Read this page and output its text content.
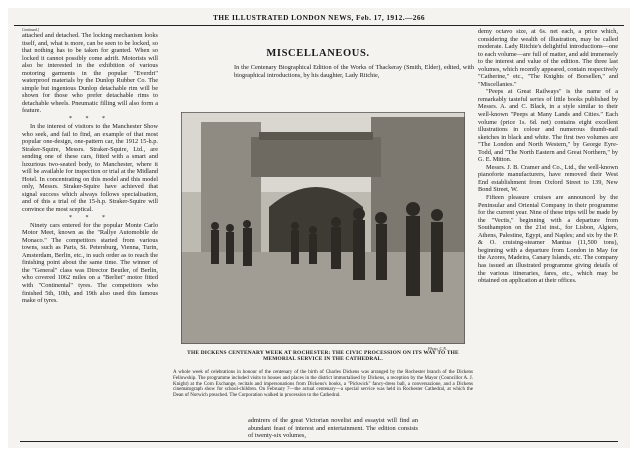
THE ILLUSTRATED LONDON NEWS, Feb. 17, 1912.—266
Continued.]

attached and detached. The locking mechanism looks itself, and, what is more, can be seen to be locked, so that nothing has to be taken for granted. When so locked it cannot possibly come adrift. Motorists will also be interested in the exhibition of various motoring garments in the popular "Everdri" waterproof materials by the Dunlop Rubber Co. The simple but ingenious Dunlop detachable rim will be shown for those who prefer detachable rims to detachable wheels. Pneumatic filling will also form a feature.

* * *

In the interest of visitors to the Manchester Show who seek, and fail to find, an example of that most popular one-design, one-pattern car, the 1912 15-h.p. Straker-Squire, Messrs. Straker-Squire, Ltd., are sending one of these cars, fitted with a smart and luxurious two-seated body, to Manchester, where it will be available for inspection or trial at the Midland Hotel. In concentrating on this model and this model only, Messrs. Straker-Squire have achieved that signal success which always follows specialisation, and of this a trial of the 15-h.p. Straker-Squire will convince the most sceptical.

* * *

Ninety cars entered for the popular Monte Carlo Motor Meet, known as the "Rallye Automobile de Monaco." The competitors started from various towns, such as Paris, St. Petersburg, Vienna, Turin, Amsterdam, Berlin, etc., in such order as to reach the finishing point about the same time. The winner of the "General" class was Director Beutler, of Berlin, who covered 1062 miles on a "Berliet" motor fitted with "Continental" tyres. The competitors who finished 5th, 10th, and 19th also used this famous make of tyres.

MISCELLANEOUS.
In the Centenary Biographical Edition of the Works of Thackeray (Smith, Elder), edited, with biographical introductions, by his daughter, Lady Ritchie,
Photo. C.N.
THE DICKENS CENTENARY WEEK AT ROCHESTER: THE CIVIC PROCESSION ON ITS WAY TO THE MEMORIAL SERVICE IN THE CATHEDRAL.
A whole week of celebrations in honour of the centenary of the birth of Charles Dickens was arranged by the Rochester branch of the Dickens Fellowship. The programme included visits to houses and places in the district immortalised by Dickens, a reception by the Mayor (Councillor A. J. Knight) at the Corn Exchange, recitals and impersonations from Dickens's books, a "Pickwick" fancy-dress ball, a conversazione, and a Dickens cinematograph show for school-children. On February 7—the actual centenary—a special service was held in Rochester Cathedral, at which the Dean of Norwich preached. The Corporation walked in procession to the Cathedral.
admirers of the great Victorian novelist and essayist will find an abundant feast of interest and entertainment. The edition consists of twenty-six volumes,

demy octavo size, at 6s. net each, a price which, considering the wealth of illustration, may be called moderate. Lady Ritchie's delightful introductions—one to each volume—are full of matter, and add immensely to the interest and value of the edition. The three last volumes, which recently appeared, contain respectively "Catherine," etc., "The Knights of Borsellen," and "Miscellanies."

"Peeps at Great Railways" is the name of a remarkably tasteful series of little books published by Messrs. A. and C. Black, in a style similar to their well-known "Peeps at Many Lands and Cities." Each volume (price 1s. 6d. net) contains eight excellent illustrations in colour and numerous thumb-nail sketches in black and white. The first two volumes are "The London and North Western," by George Eyre-Todd, and "The North Eastern and Great Northern," by G. E. Mitton.

Messrs. J. B. Cramer and Co., Ltd., the well-known pianoforte manufacturers, have removed their West End establishment from Oxford Street to 139, New Bond Street, W.

Fifteen pleasure cruises are announced by the Peninsular and Oriental Company in their programme for the current year. Nine of these trips will be made by the "Vectis," beginning with a departure from Southampton on the 21st inst., for Lisbon, Algiers, Athens, Palestine, Egypt, and Naples; and six by the P. & O. cruising-steamer Mantua (11,500 tons), beginning with a departure from London in May for the Azores, Madeira, Canary Islands, etc. The company has issued an illustrated programme giving details of the various itineraries, fares, etc., which may be obtained on application at their offices.
